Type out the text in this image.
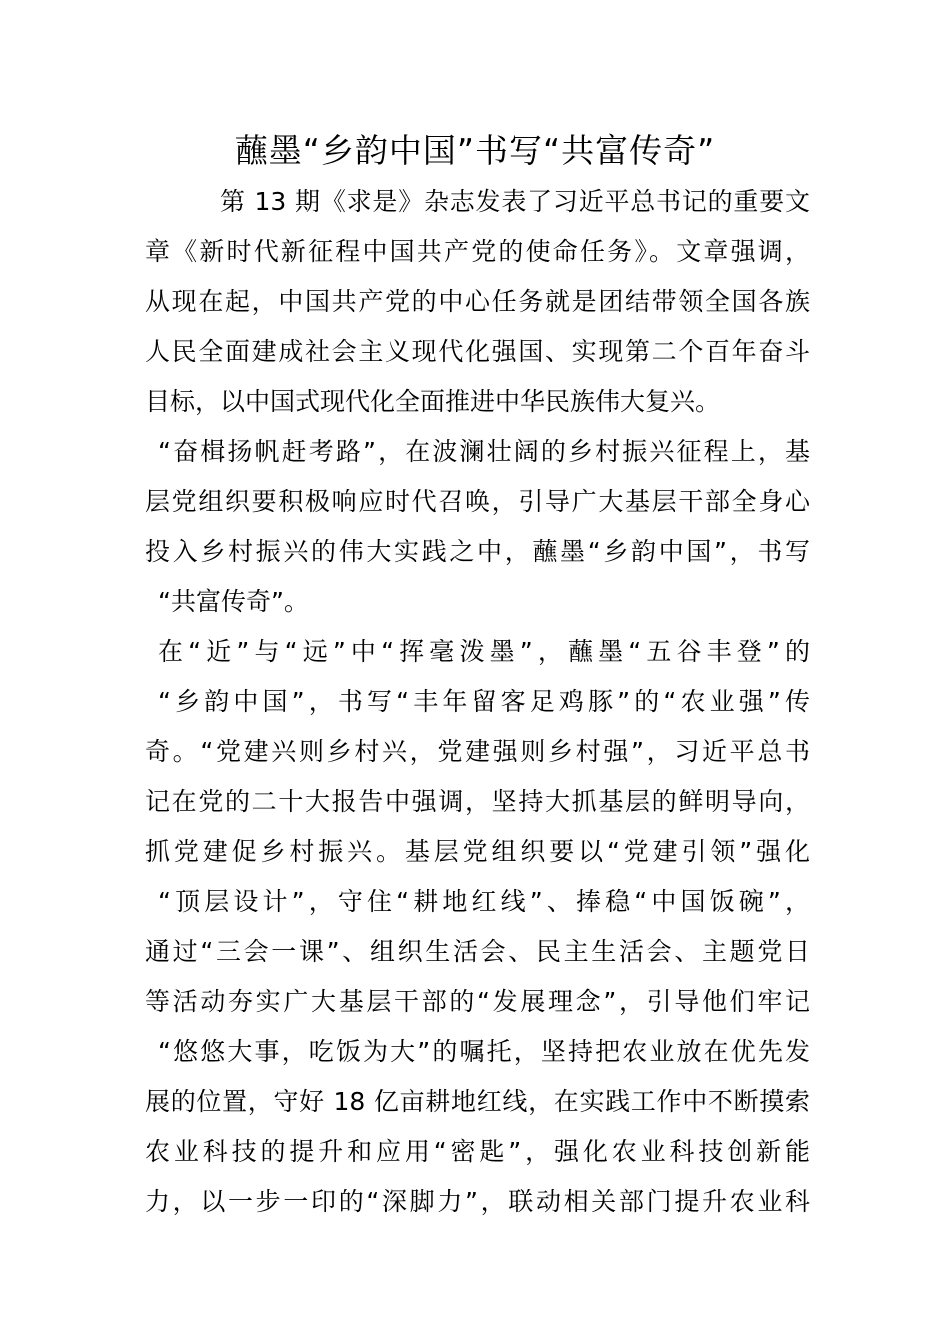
蘸墨“乡韵中国”书写“共富传奇”
第 13 期《求是》杂志发表了习近平总书记的重要文
章《新时代新征程中国共产党的使命任务》。文章强调，
从现在起，中国共产党的中心任务就是团结带领全国各族
人民全面建成社会主义现代化强国、实现第二个百年奋斗
目标，以中国式现代化全面推进中华民族伟大复兴。
“奋楫扬帆赶考路”，在波澜壮阔的乡村振兴征程上，基
层党组织要积极响应时代召唤，引导广大基层干部全身心
投入乡村振兴的伟大实践之中，蘸墨“乡韵中国”，书写
“共富传奇”。
在“近”与“远”中“挥毫泼墨”，蘸墨“五谷丰登”的
“乡韵中国”，书写“丰年留客足鸡豚”的“农业强”传
奇。“党建兴则乡村兴，党建强则乡村强”，习近平总书
记在党的二十大报告中强调，坚持大抓基层的鲜明导向，
抓党建促乡村振兴。基层党组织要以“党建引领”强化
“顶层设计”，守住“耕地红线”、捧稳“中国饭碗”，
通过“三会一课”、组织生活会、民主生活会、主题党日
等活动夯实广大基层干部的“发展理念”，引导他们牢记
“悠悠大事，吃饭为大”的嘱托，坚持把农业放在优先发
展的位置，守好 18 亿亩耕地红线，在实践工作中不断摸索
农业科技的提升和应用“密匙”，强化农业科技创新能
力，以一步一印的“深脚力”，联动相关部门提升农业科
